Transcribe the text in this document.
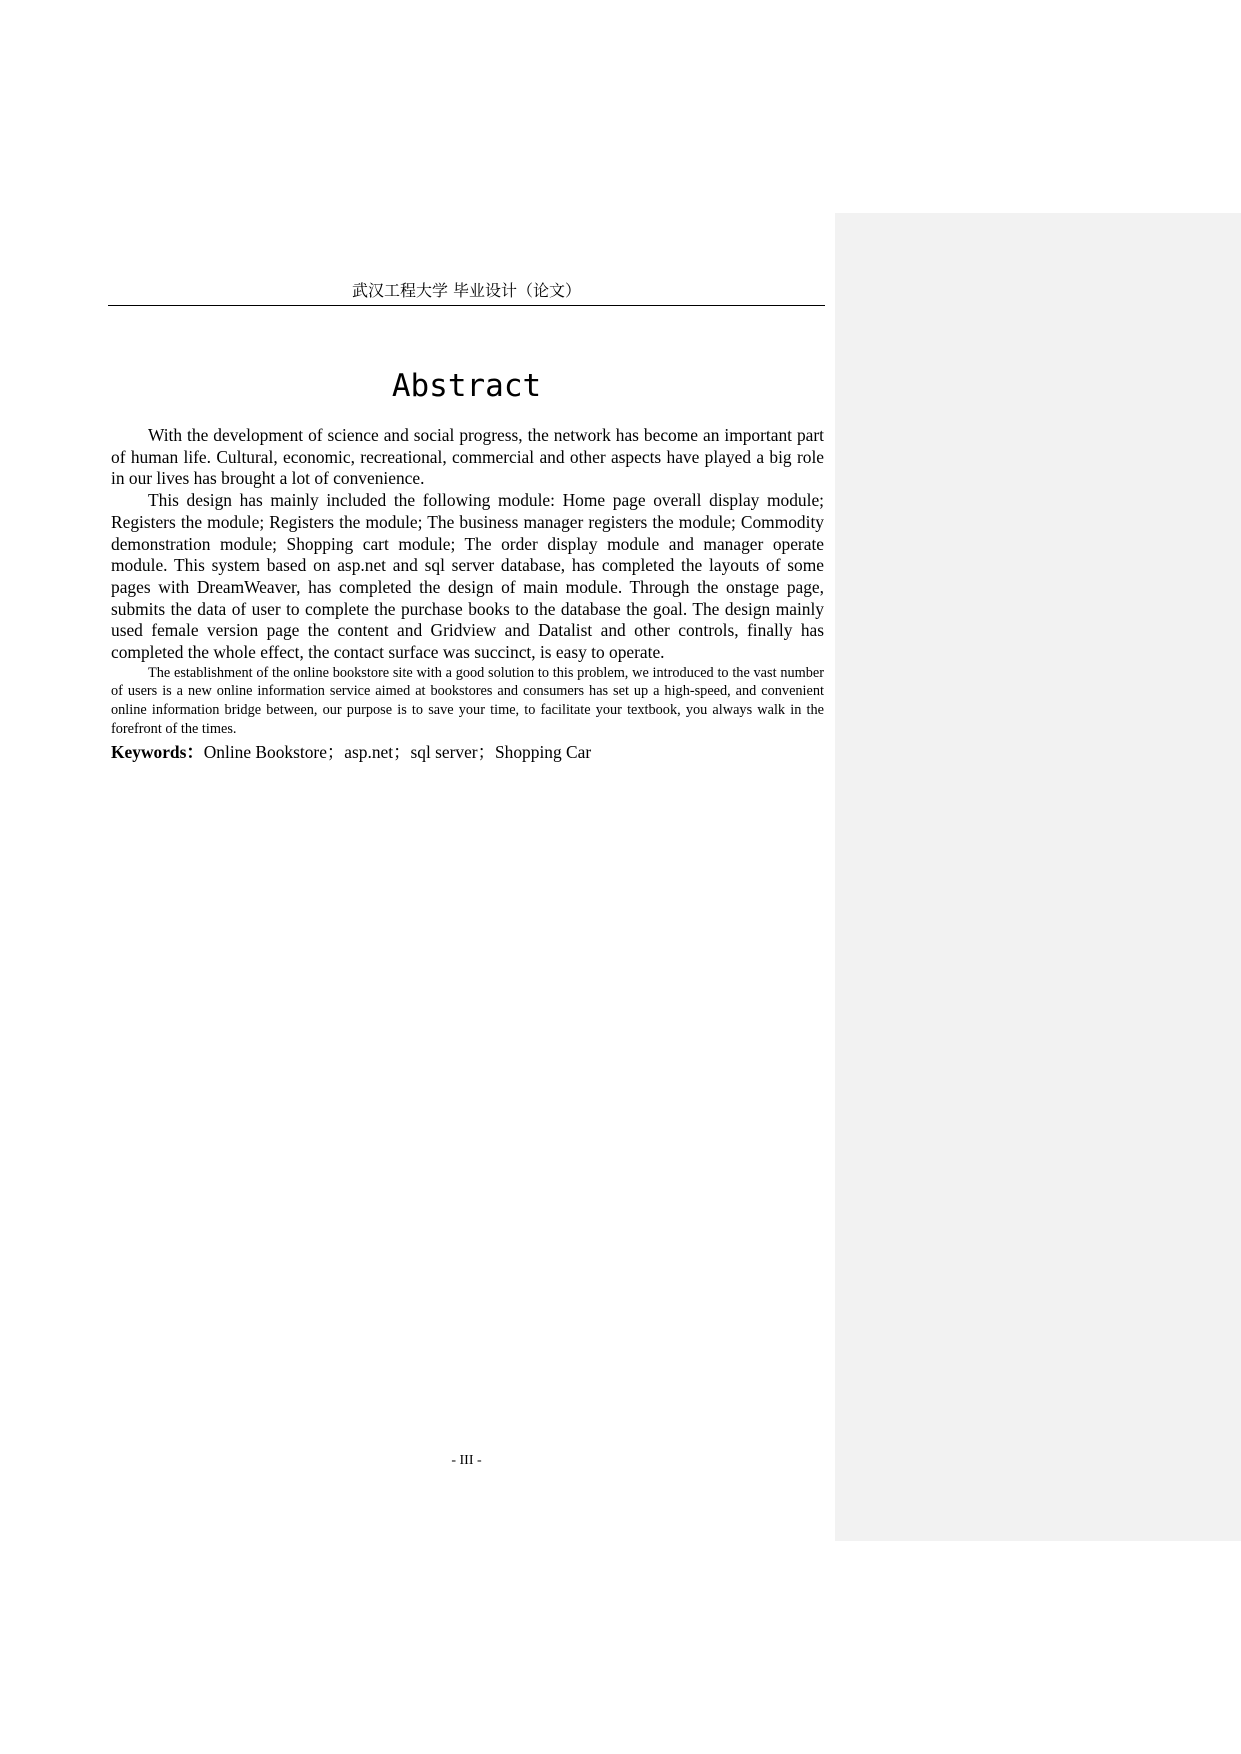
武汉工程大学 毕业设计（论文）
Abstract

With the development of science and social progress, the network has become an important part of human life. Cultural, economic, recreational, commercial and other aspects have played a big role in our lives has brought a lot of convenience.

This design has mainly included the following module: Home page overall display module; Registers the module; Registers the module; The business manager registers the module; Commodity demonstration module; Shopping cart module; The order display module and manager operate module. This system based on asp.net and sql server database, has completed the layouts of some pages with DreamWeaver, has completed the design of main module. Through the onstage page, submits the data of user to complete the purchase books to the database the goal. The design mainly used female version page the content and Gridview and Datalist and other controls, finally has completed the whole effect, the contact surface was succinct, is easy to operate.

The establishment of the online bookstore site with a good solution to this problem, we introduced to the vast number of users is a new online information service aimed at bookstores and consumers has set up a high-speed, and convenient online information bridge between, our purpose is to save your time, to facilitate your textbook, you always walk in the forefront of the times.

Keywords：Online Bookstore；asp.net；sql server；Shopping Car

- III -
